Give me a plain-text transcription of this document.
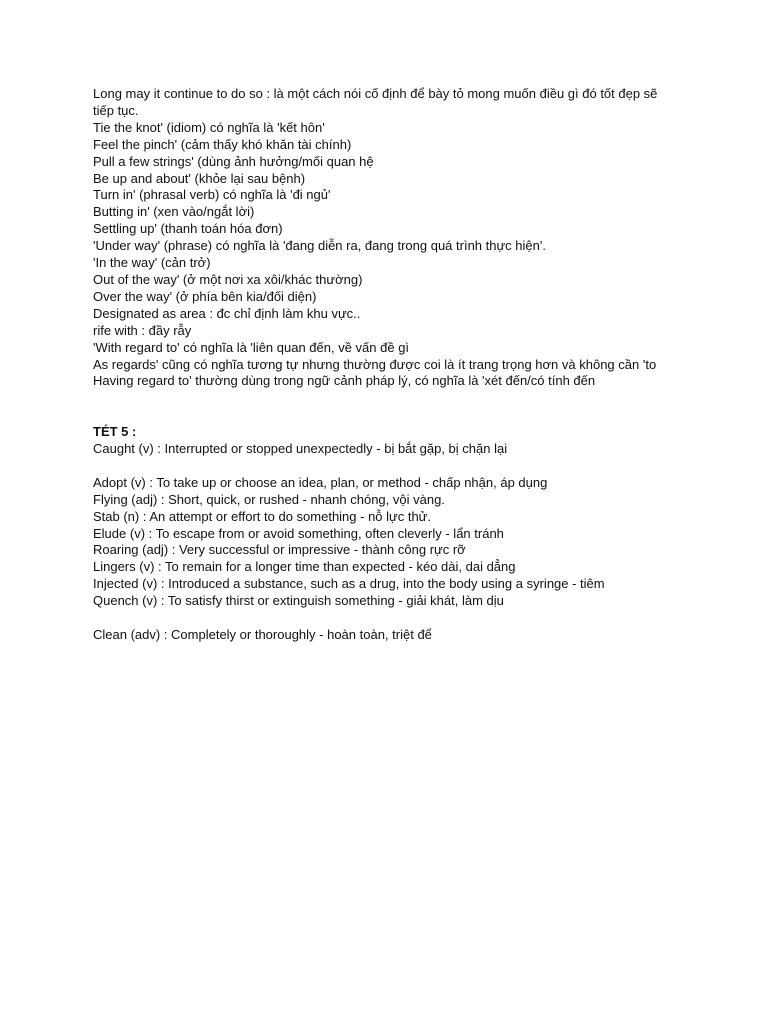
Long may it continue to do so : là một cách nói cố định để bày tỏ mong muốn điều gì đó tốt đẹp sẽ tiếp tục.

Tie the knot' (idiom) có nghĩa là 'kết hôn'

Feel the pinch' (cảm thấy khó khăn tài chính)

Pull a few strings' (dùng ảnh hưởng/mối quan hệ

Be up and about' (khỏe lại sau bệnh)

Turn in' (phrasal verb) có nghĩa là 'đi ngủ'

Butting in' (xen vào/ngắt lời)

Settling up' (thanh toán hóa đơn)

'Under way' (phrase) có nghĩa là 'đang diễn ra, đang trong quá trình thực hiện'.

'In the way' (cản trở)

Out of the way' (ở một nơi xa xôi/khác thường)

Over the way' (ở phía bên kia/đối diện)

Designated as area : đc chỉ định làm khu vực..

rife with : đầy rẫy

'With regard to' có nghĩa là 'liên quan đến, về vấn đề gì

As regards' cũng có nghĩa tương tự nhưng thường được coi là ít trang trọng hơn và không cần 'to

Having regard to' thường dùng trong ngữ cảnh pháp lý, có nghĩa là 'xét đến/có tính đến

TÉT 5 :

Caught (v) : Interrupted or stopped unexpectedly - bị bắt gặp, bị chặn lại

Adopt (v) : To take up or choose an idea, plan, or method - chấp nhận, áp dụng

Flying (adj) : Short, quick, or rushed - nhanh chóng, vội vàng.

Stab (n) : An attempt or effort to do something - nỗ lực thử.

Elude (v) : To escape from or avoid something, often cleverly - lẩn tránh

Roaring (adj) : Very successful or impressive - thành công rực rỡ

Lingers (v) : To remain for a longer time than expected - kéo dài, dai dẳng

Injected (v) : Introduced a substance, such as a drug, into the body using a syringe - tiêm

Quench (v) : To satisfy thirst or extinguish something - giải khát, làm dịu

Clean (adv) : Completely or thoroughly - hoàn toàn, triệt để
